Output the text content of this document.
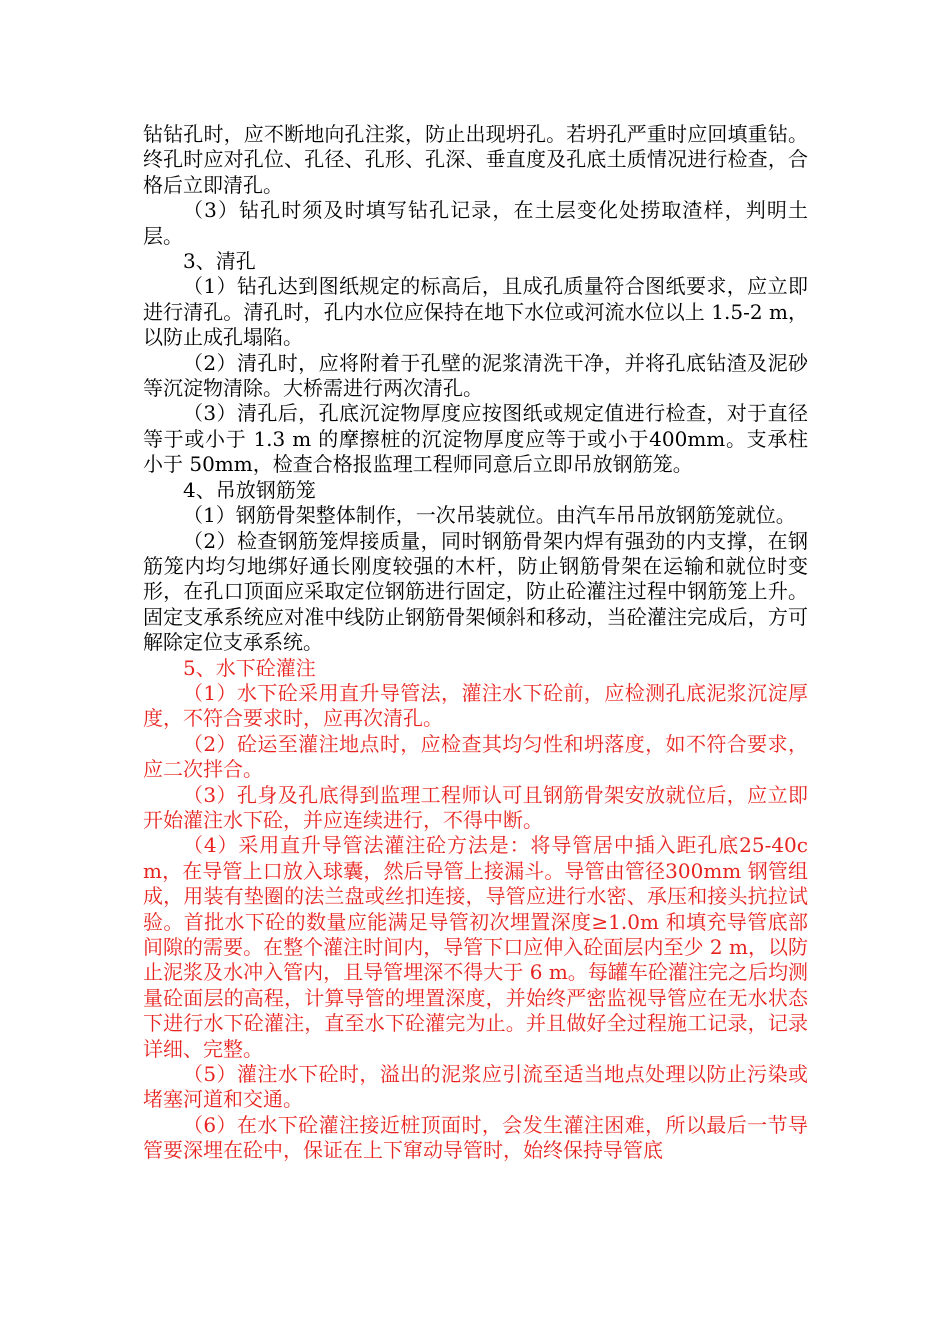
钻钻孔时，应不断地向孔注浆，防止出现坍孔。若坍孔严重时应回填重钻。终孔时应对孔位、孔径、孔形、孔深、垂直度及孔底土质情况进行检查，合格后立即清孔。

（3）钻孔时须及时填写钻孔记录，在土层变化处捞取渣样，判明土层。

3、清孔

（1）钻孔达到图纸规定的标高后，且成孔质量符合图纸要求，应立即进行清孔。清孔时，孔内水位应保持在地下水位或河流水位以上 1.5-2 m，以防止成孔塌陷。

（2）清孔时，应将附着于孔壁的泥浆清洗干净，并将孔底钻渣及泥砂等沉淀物清除。大桥需进行两次清孔。

（3）清孔后，孔底沉淀物厚度应按图纸或规定值进行检查，对于直径等于或小于 1.3 m 的摩擦桩的沉淀物厚度应等于或小于400mm。支承柱小于 50mm，检查合格报监理工程师同意后立即吊放钢筋笼。

4、吊放钢筋笼

（1）钢筋骨架整体制作，一次吊装就位。由汽车吊吊放钢筋笼就位。

（2）检查钢筋笼焊接质量，同时钢筋骨架内焊有强劲的内支撑，在钢筋笼内均匀地绑好通长刚度较强的木杆，防止钢筋骨架在运输和就位时变形，在孔口顶面应采取定位钢筋进行固定，防止砼灌注过程中钢筋笼上升。固定支承系统应对准中线防止钢筋骨架倾斜和移动，当砼灌注完成后，方可解除定位支承系统。

5、水下砼灌注

（1）水下砼采用直升导管法，灌注水下砼前，应检测孔底泥浆沉淀厚度，不符合要求时，应再次清孔。

（2）砼运至灌注地点时，应检查其均匀性和坍落度，如不符合要求，应二次拌合。

（3）孔身及孔底得到监理工程师认可且钢筋骨架安放就位后，应立即开始灌注水下砼，并应连续进行，不得中断。

（4）采用直升导管法灌注砼方法是：将导管居中插入距孔底25-40cm，在导管上口放入球囊，然后导管上接漏斗。导管由管径300mm 钢管组成，用装有垫圈的法兰盘或丝扣连接，导管应进行水密、承压和接头抗拉试验。首批水下砼的数量应能满足导管初次埋置深度≥1.0m 和填充导管底部间隙的需要。在整个灌注时间内，导管下口应伸入砼面层内至少 2 m，以防止泥浆及水冲入管内，且导管埋深不得大于 6 m。每罐车砼灌注完之后均测量砼面层的高程，计算导管的埋置深度，并始终严密监视导管应在无水状态下进行水下砼灌注，直至水下砼灌完为止。并且做好全过程施工记录，记录详细、完整。

（5）灌注水下砼时，溢出的泥浆应引流至适当地点处理以防止污染或堵塞河道和交通。

（6）在水下砼灌注接近桩顶面时，会发生灌注困难，所以最后一节导管要深埋在砼中，保证在上下窜动导管时，始终保持导管底
